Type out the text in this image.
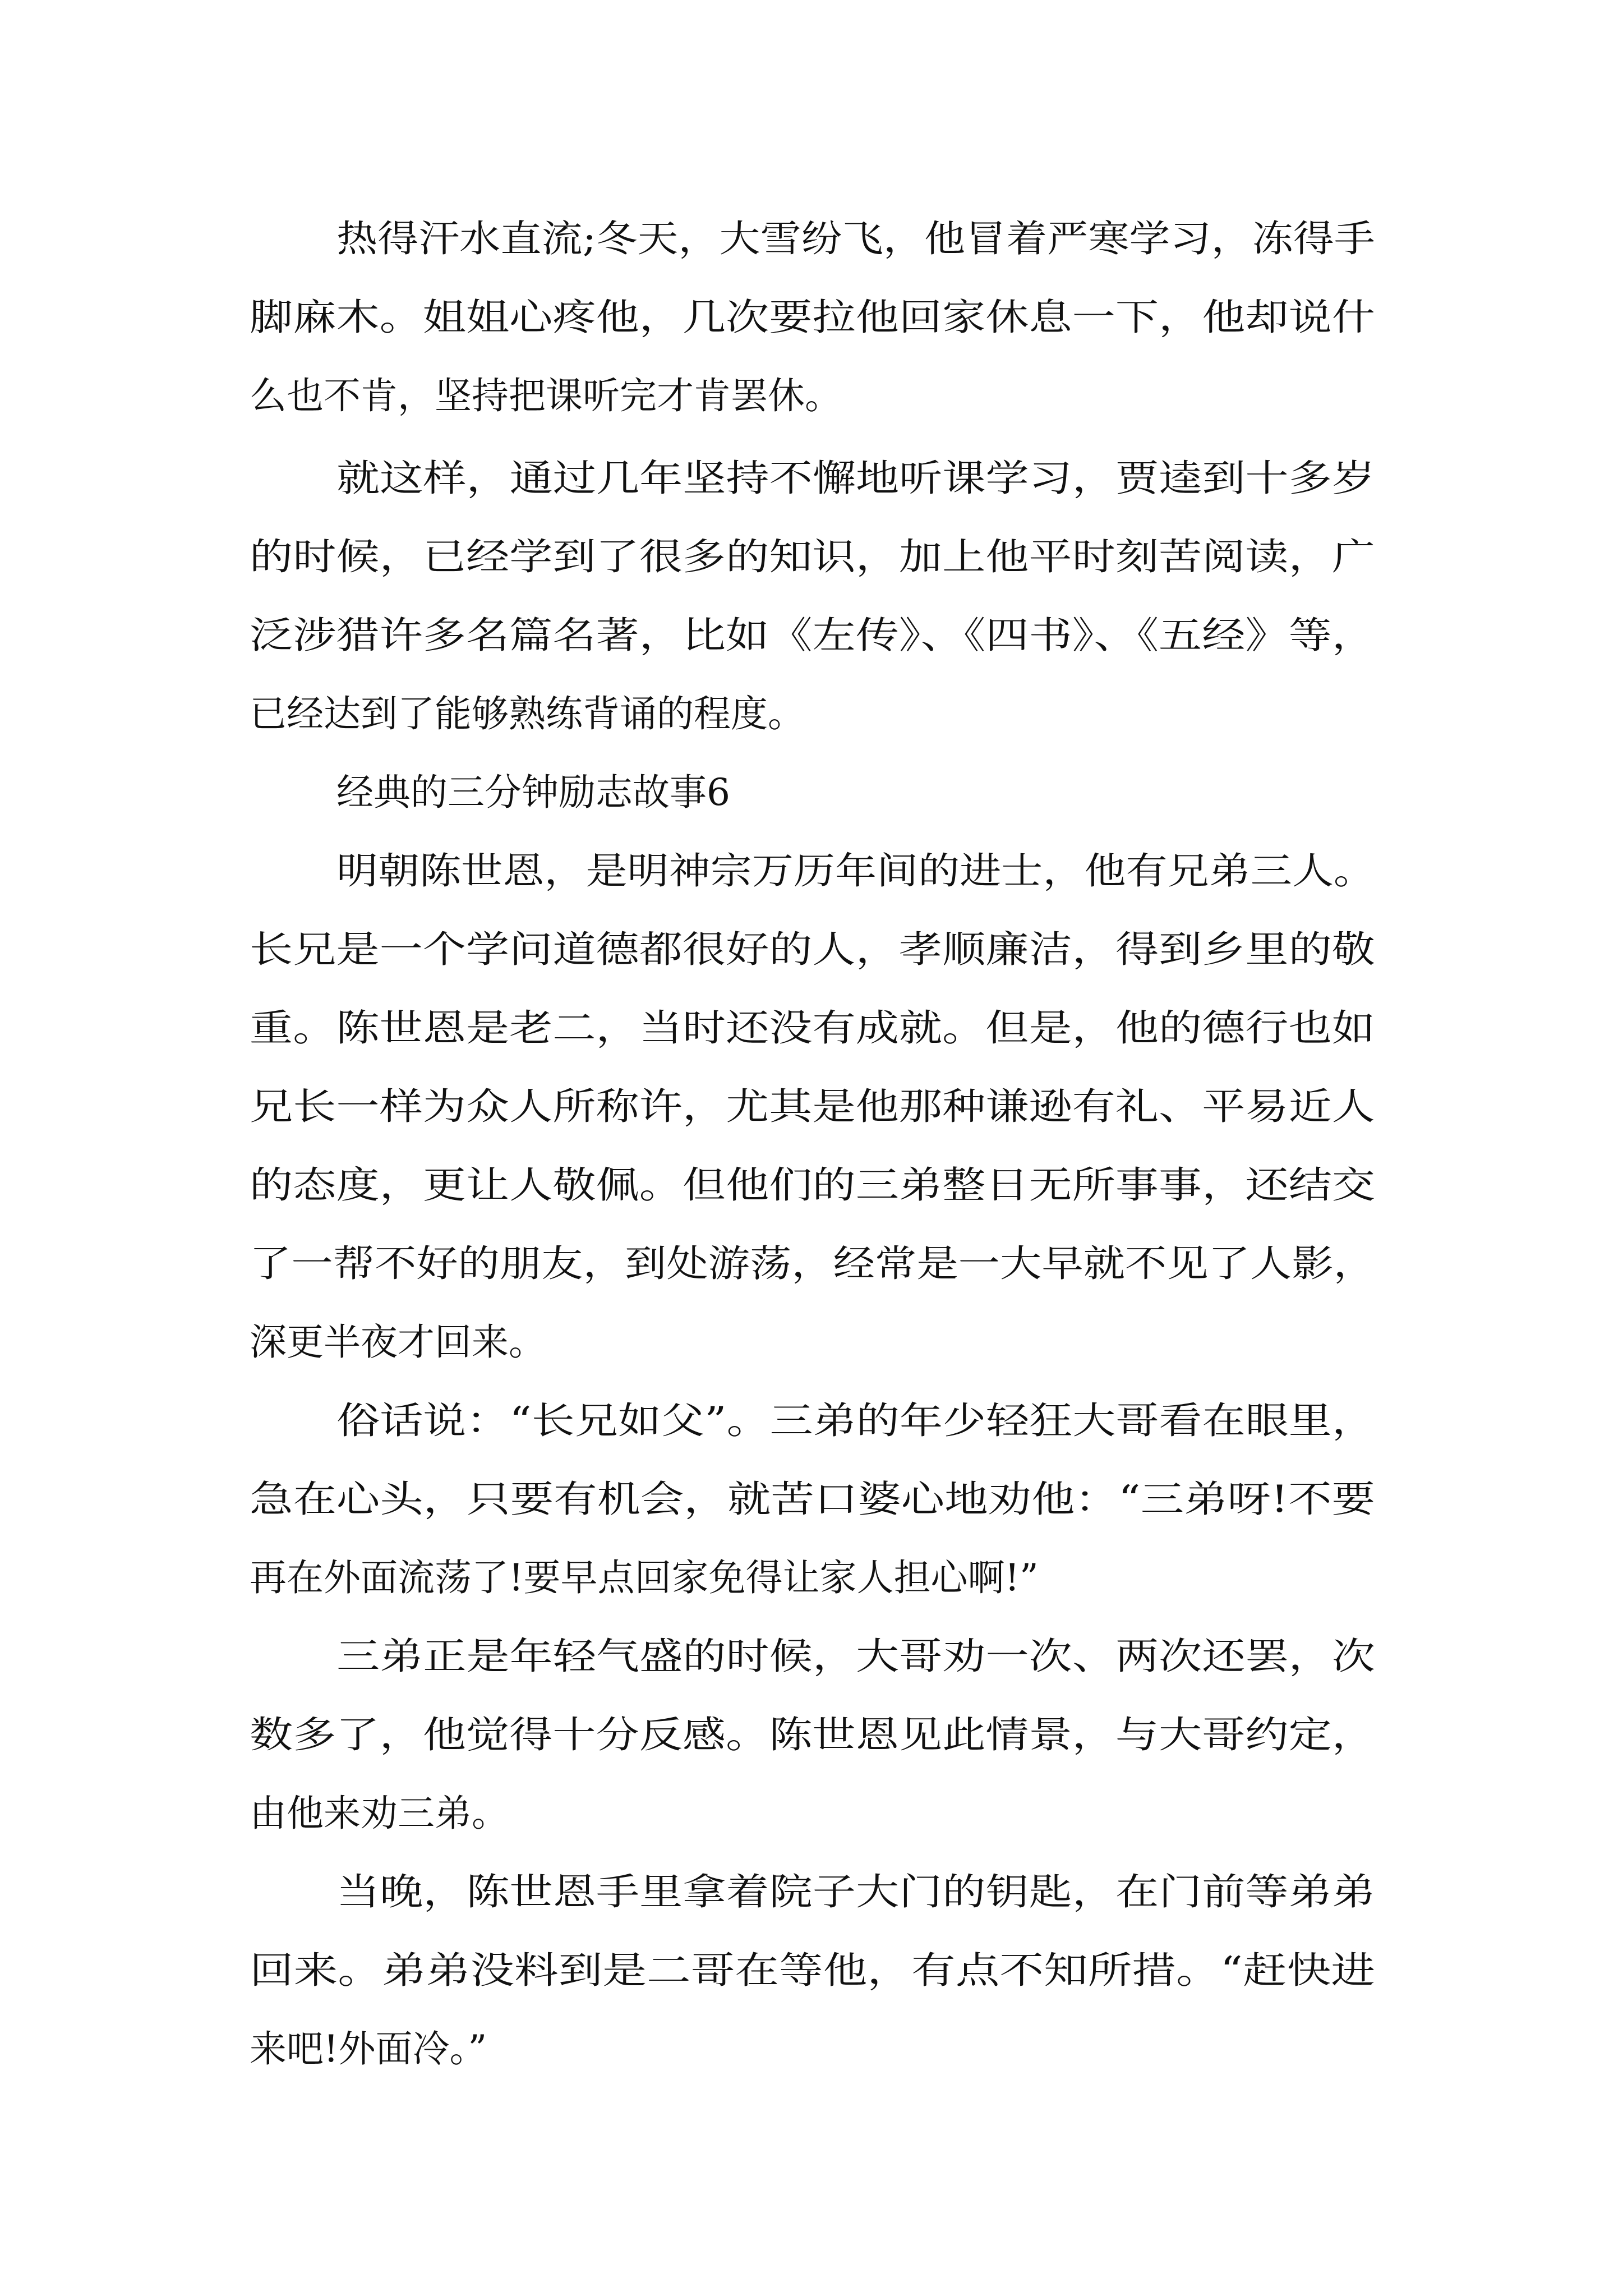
热得汗水直流;冬天，大雪纷飞，他冒着严寒学习，冻得手
脚麻木。姐姐心疼他，几次要拉他回家休息一下，他却说什
么也不肯，坚持把课听完才肯罢休。
就这样，通过几年坚持不懈地听课学习，贾逵到十多岁
的时候，已经学到了很多的知识，加上他平时刻苦阅读，广
泛涉猎许多名篇名著，比如《左传》、《四书》、《五经》等，
已经达到了能够熟练背诵的程度。
经典的三分钟励志故事6
明朝陈世恩，是明神宗万历年间的进士，他有兄弟三人。
长兄是一个学问道德都很好的人，孝顺廉洁，得到乡里的敬
重。陈世恩是老二，当时还没有成就。但是，他的德行也如
兄长一样为众人所称许，尤其是他那种谦逊有礼、平易近人
的态度，更让人敬佩。但他们的三弟整日无所事事，还结交
了一帮不好的朋友，到处游荡，经常是一大早就不见了人影，
深更半夜才回来。
俗话说：“长兄如父”。三弟的年少轻狂大哥看在眼里，
急在心头，只要有机会，就苦口婆心地劝他：“三弟呀!不要
再在外面流荡了!要早点回家免得让家人担心啊!”
三弟正是年轻气盛的时候，大哥劝一次、两次还罢，次
数多了，他觉得十分反感。陈世恩见此情景，与大哥约定，
由他来劝三弟。
当晚，陈世恩手里拿着院子大门的钥匙，在门前等弟弟
回来。弟弟没料到是二哥在等他，有点不知所措。“赶快进
来吧!外面冷。”
